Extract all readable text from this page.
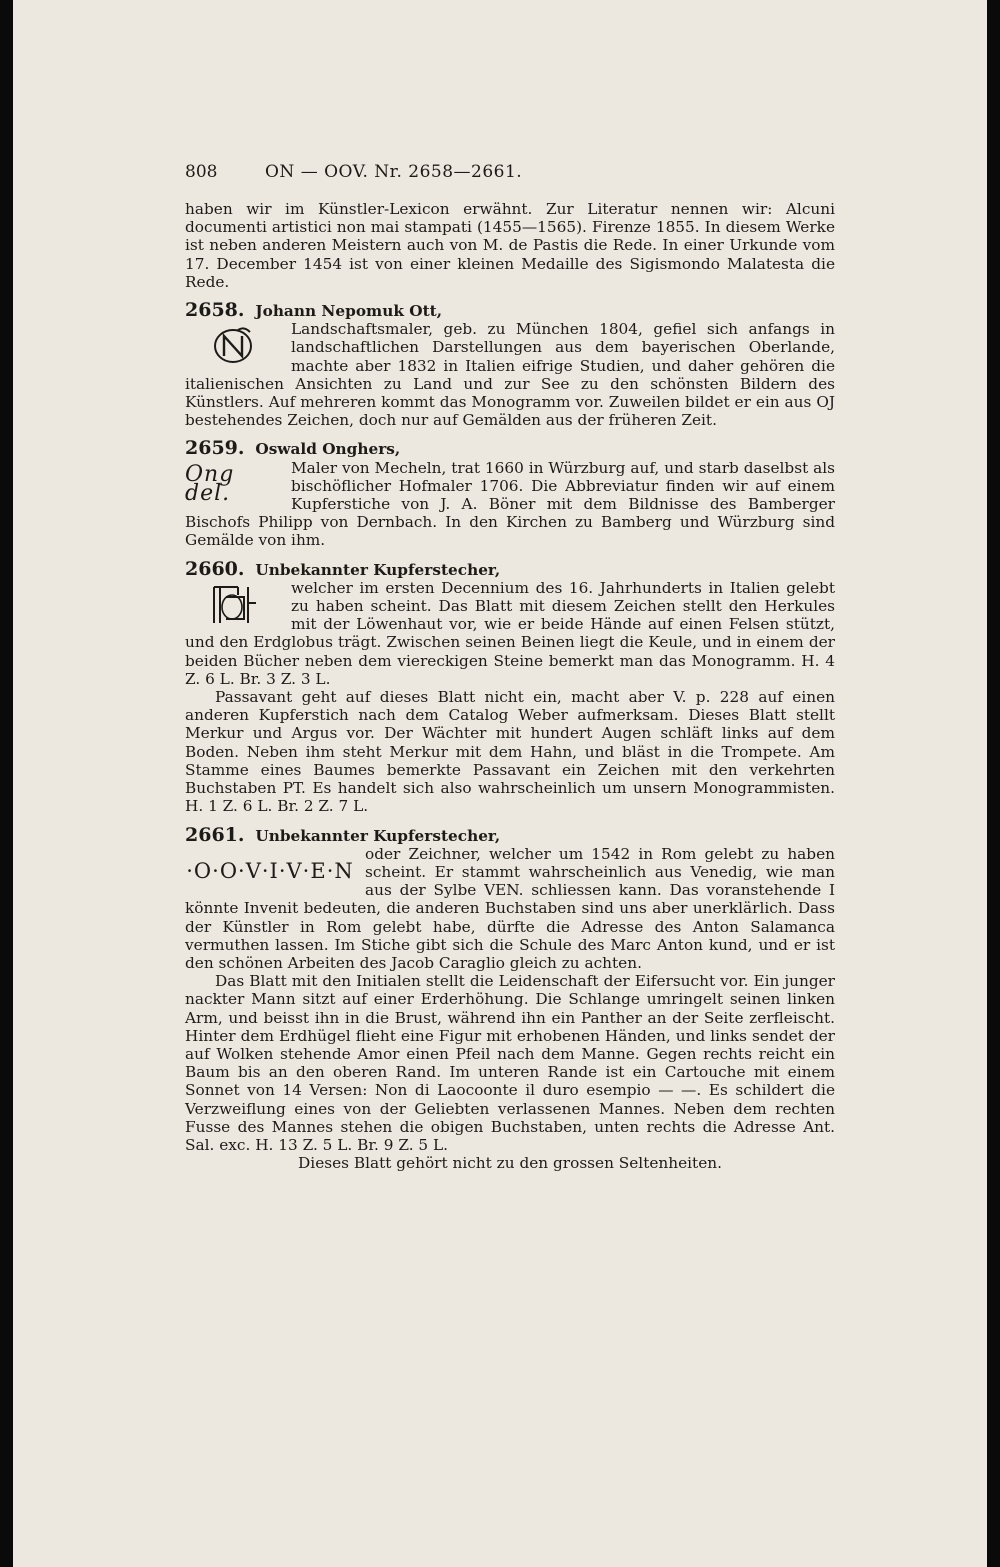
808	ON — OOV. Nr. 2658—2661.

haben wir im Künstler-Lexicon erwähnt. Zur Literatur nennen wir: Alcuni documenti artistici non mai stampati (1455—1565). Firenze 1855. In diesem Werke ist neben anderen Meistern auch von M. de Pastis die Rede. In einer Urkunde vom 17. December 1454 ist von einer kleinen Medaille des Sigismondo Malatesta die Rede.

2658. Johann Nepomuk Ott,

Landschaftsmaler, geb. zu München 1804, gefiel sich anfangs in landschaftlichen Darstellungen aus dem bayerischen Oberlande, machte aber 1832 in Italien eifrige Studien, und daher gehören die italienischen Ansichten zu Land und zur See zu den schönsten Bildern des Künstlers. Auf mehreren kommt das Monogramm vor. Zuweilen bildet er ein aus OJ bestehendes Zeichen, doch nur auf Gemälden aus der früheren Zeit.

2659. Oswald Onghers,

Ong del.

Maler von Mecheln, trat 1660 in Würzburg auf, und starb daselbst als bischöflicher Hofmaler 1706. Die Abbreviatur finden wir auf einem Kupferstiche von J. A. Böner mit dem Bildnisse des Bamberger Bischofs Philipp von Dernbach. In den Kirchen zu Bamberg und Würzburg sind Gemälde von ihm.

2660. Unbekannter Kupferstecher,

welcher im ersten Decennium des 16. Jahrhunderts in Italien gelebt zu haben scheint. Das Blatt mit diesem Zeichen stellt den Herkules mit der Löwenhaut vor, wie er beide Hände auf einen Felsen stützt, und den Erdglobus trägt. Zwischen seinen Beinen liegt die Keule, und in einem der beiden Bücher neben dem viereckigen Steine bemerkt man das Monogramm. H. 4 Z. 6 L. Br. 3 Z. 3 L.

Passavant geht auf dieses Blatt nicht ein, macht aber V. p. 228 auf einen anderen Kupferstich nach dem Catalog Weber aufmerksam. Dieses Blatt stellt Merkur und Argus vor. Der Wächter mit hundert Augen schläft links auf dem Boden. Neben ihm steht Merkur mit dem Hahn, und bläst in die Trompete. Am Stamme eines Baumes bemerkte Passavant ein Zeichen mit den verkehrten Buchstaben PT. Es handelt sich also wahrscheinlich um unsern Monogrammisten. H. 1 Z. 6 L. Br. 2 Z. 7 L.

2661. Unbekannter Kupferstecher,

·O·O·V·I·V·E·N

oder Zeichner, welcher um 1542 in Rom gelebt zu haben scheint. Er stammt wahrscheinlich aus Venedig, wie man aus der Sylbe VEN. schliessen kann. Das voranstehende I könnte Invenit bedeuten, die anderen Buchstaben sind uns aber unerklärlich. Dass der Künstler in Rom gelebt habe, dürfte die Adresse des Anton Salamanca vermuthen lassen. Im Stiche gibt sich die Schule des Marc Anton kund, und er ist den schönen Arbeiten des Jacob Caraglio gleich zu achten.

Das Blatt mit den Initialen stellt die Leidenschaft der Eifersucht vor. Ein junger nackter Mann sitzt auf einer Erderhöhung. Die Schlange umringelt seinen linken Arm, und beisst ihn in die Brust, während ihn ein Panther an der Seite zerfleischt. Hinter dem Erdhügel flieht eine Figur mit erhobenen Händen, und links sendet der auf Wolken stehende Amor einen Pfeil nach dem Manne. Gegen rechts reicht ein Baum bis an den oberen Rand. Im unteren Rande ist ein Cartouche mit einem Sonnet von 14 Versen: Non di Laocoonte il duro esempio — —. Es schildert die Verzweiflung eines von der Geliebten verlassenen Mannes. Neben dem rechten Fusse des Mannes stehen die obigen Buchstaben, unten rechts die Adresse Ant. Sal. exc. H. 13 Z. 5 L. Br. 9 Z. 5 L.

Dieses Blatt gehört nicht zu den grossen Seltenheiten.
